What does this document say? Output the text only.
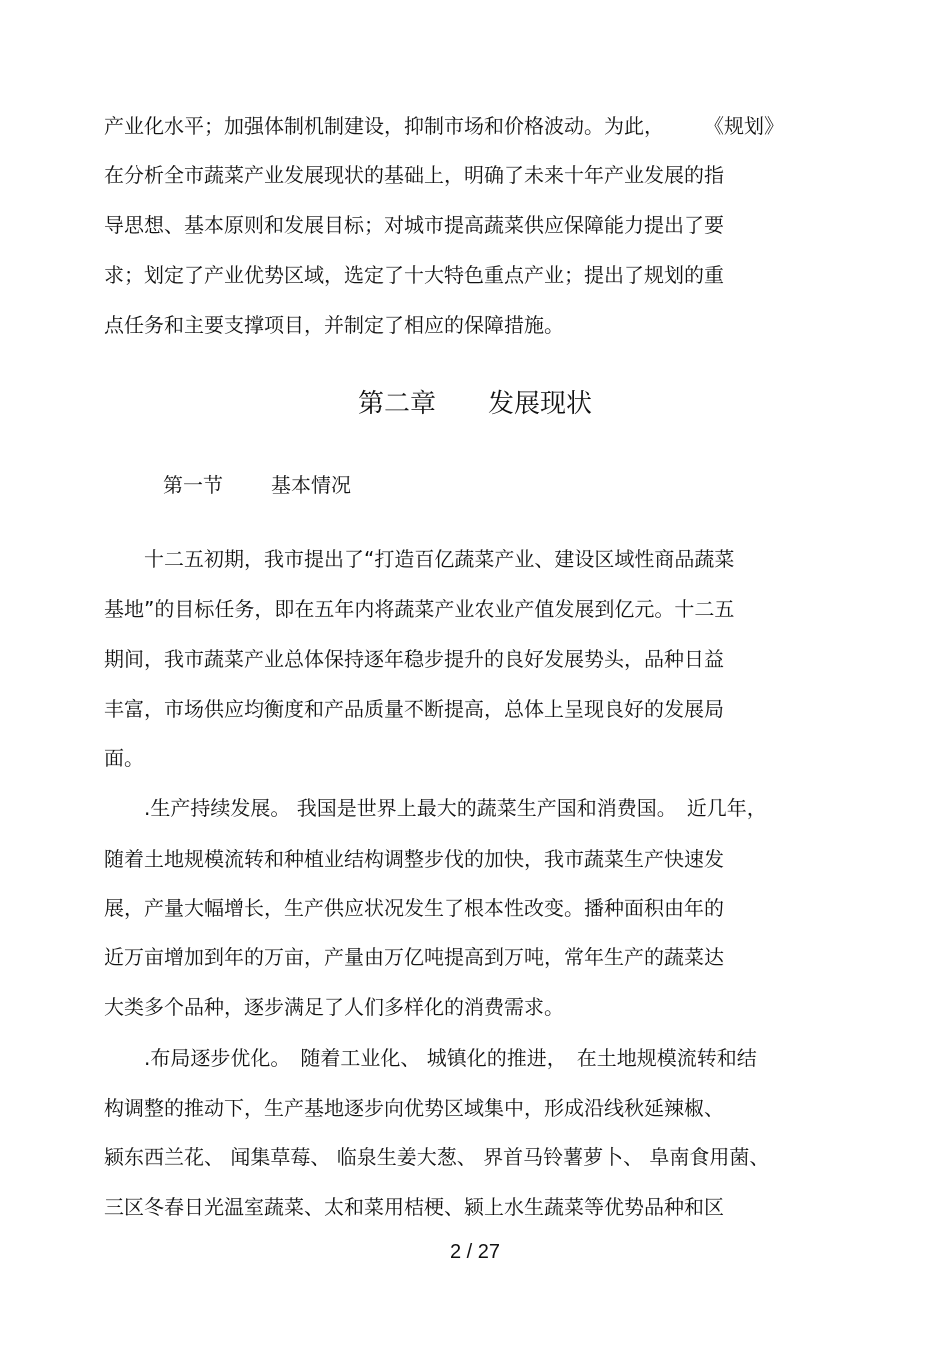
产业化水平；加强体制机制建设，抑制市场和价格波动。为此，　　　《规划》

在分析全市蔬菜产业发展现状的基础上，明确了未来十年产业发展的指

导思想、基本原则和发展目标；对城市提高蔬菜供应保障能力提出了要

求；划定了产业优势区域，选定了十大特色重点产业；提出了规划的重

点任务和主要支撑项目，并制定了相应的保障措施。

第二章 发展现状
第一节 基本情况

　　十二五初期，我市提出了“打造百亿蔬菜产业、建设区域性商品蔬菜

基地”的目标任务，即在五年内将蔬菜产业农业产值发展到亿元。十二五

期间，我市蔬菜产业总体保持逐年稳步提升的良好发展势头，品种日益

丰富，市场供应均衡度和产品质量不断提高，总体上呈现良好的发展局

面。

　　.生产持续发展。 我国是世界上最大的蔬菜生产国和消费国。　近几年，

随着土地规模流转和种植业结构调整步伐的加快，我市蔬菜生产快速发

展，产量大幅增长，生产供应状况发生了根本性改变。播种面积由年的

近万亩增加到年的万亩，产量由万亿吨提高到万吨，常年生产的蔬菜达

大类多个品种，逐步满足了人们多样化的消费需求。

　　.布局逐步优化。　随着工业化、 城镇化的推进，　在土地规模流转和结

构调整的推动下，生产基地逐步向优势区域集中，形成沿线秋延辣椒、

颍东西兰花、 闻集草莓、 临泉生姜大葱、 界首马铃薯萝卜、 阜南食用菌、

三区冬春日光温室蔬菜、太和菜用桔梗、颍上水生蔬菜等优势品种和区

2 / 27
